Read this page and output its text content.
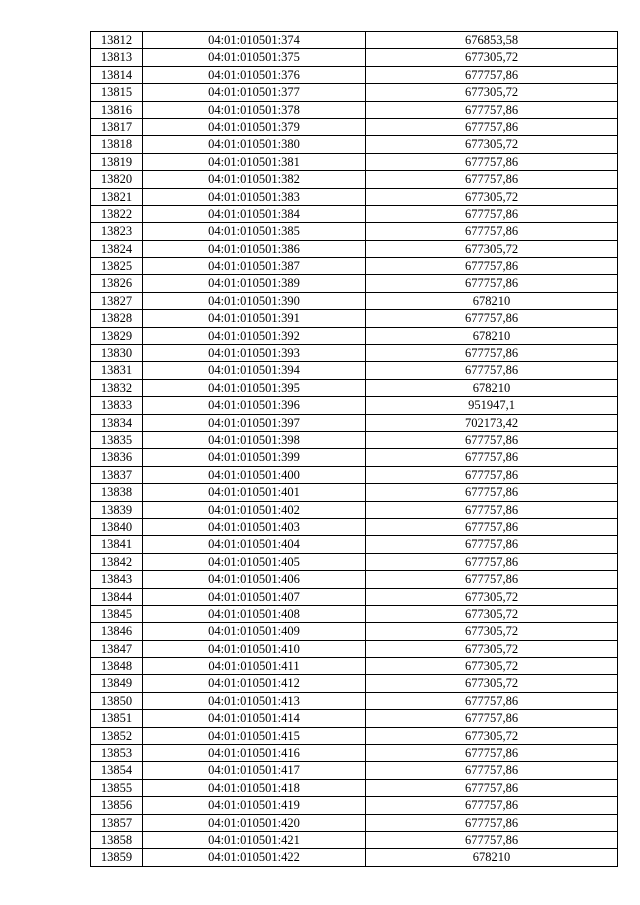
13812	04:01:010501:374	676853,58
13813	04:01:010501:375	677305,72
13814	04:01:010501:376	677757,86
13815	04:01:010501:377	677305,72
13816	04:01:010501:378	677757,86
13817	04:01:010501:379	677757,86
13818	04:01:010501:380	677305,72
13819	04:01:010501:381	677757,86
13820	04:01:010501:382	677757,86
13821	04:01:010501:383	677305,72
13822	04:01:010501:384	677757,86
13823	04:01:010501:385	677757,86
13824	04:01:010501:386	677305,72
13825	04:01:010501:387	677757,86
13826	04:01:010501:389	677757,86
13827	04:01:010501:390	678210
13828	04:01:010501:391	677757,86
13829	04:01:010501:392	678210
13830	04:01:010501:393	677757,86
13831	04:01:010501:394	677757,86
13832	04:01:010501:395	678210
13833	04:01:010501:396	951947,1
13834	04:01:010501:397	702173,42
13835	04:01:010501:398	677757,86
13836	04:01:010501:399	677757,86
13837	04:01:010501:400	677757,86
13838	04:01:010501:401	677757,86
13839	04:01:010501:402	677757,86
13840	04:01:010501:403	677757,86
13841	04:01:010501:404	677757,86
13842	04:01:010501:405	677757,86
13843	04:01:010501:406	677757,86
13844	04:01:010501:407	677305,72
13845	04:01:010501:408	677305,72
13846	04:01:010501:409	677305,72
13847	04:01:010501:410	677305,72
13848	04:01:010501:411	677305,72
13849	04:01:010501:412	677305,72
13850	04:01:010501:413	677757,86
13851	04:01:010501:414	677757,86
13852	04:01:010501:415	677305,72
13853	04:01:010501:416	677757,86
13854	04:01:010501:417	677757,86
13855	04:01:010501:418	677757,86
13856	04:01:010501:419	677757,86
13857	04:01:010501:420	677757,86
13858	04:01:010501:421	677757,86
13859	04:01:010501:422	678210
